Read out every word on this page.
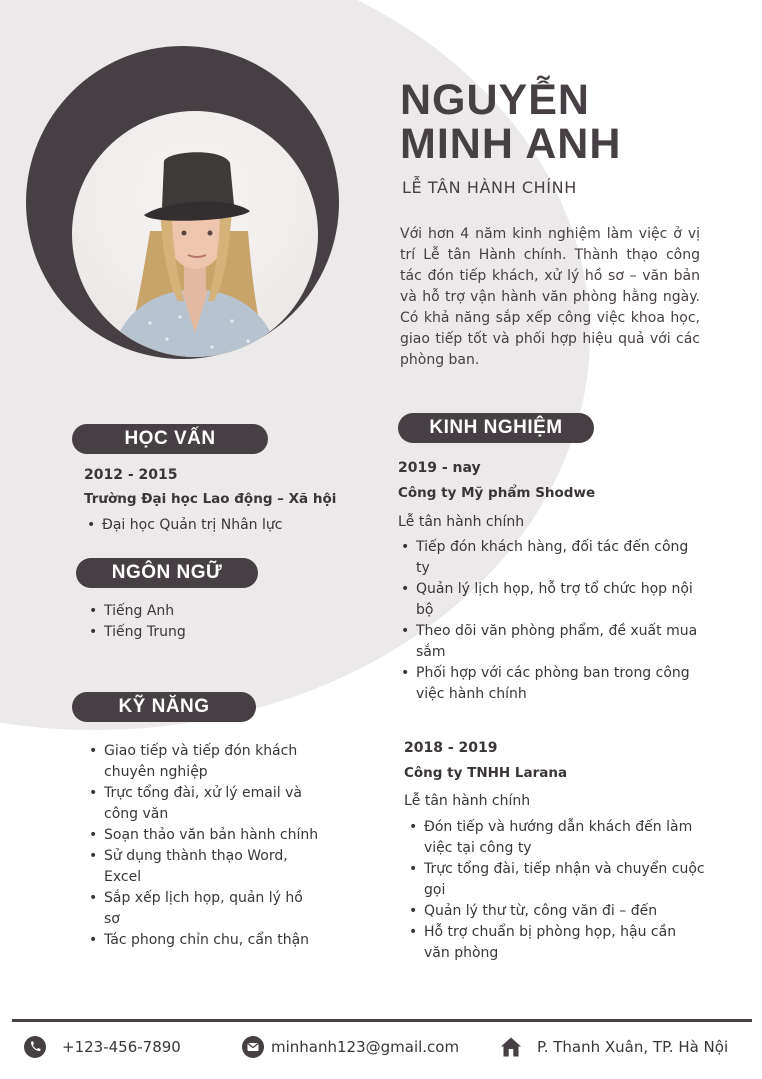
NGUYỄN
MINH ANH
LỄ TÂN HÀNH CHÍNH

Với hơn 4 năm kinh nghiệm làm việc ở vị trí Lễ tân Hành chính. Thành thạo công tác đón tiếp khách, xử lý hồ sơ – văn bản và hỗ trợ vận hành văn phòng hằng ngày. Có khả năng sắp xếp công việc khoa học, giao tiếp tốt và phối hợp hiệu quả với các phòng ban.

HỌC VẤN
2012 - 2015
Trường Đại học Lao động – Xã hội
• Đại học Quản trị Nhân lực
NGÔN NGỮ
• Tiếng Anh
• Tiếng Trung
KỸ NĂNG
• Giao tiếp và tiếp đón khách chuyên nghiệp
• Trực tổng đài, xử lý email và công văn
• Soạn thảo văn bản hành chính
• Sử dụng thành thạo Word, Excel
• Sắp xếp lịch họp, quản lý hồ sơ
• Tác phong chỉn chu, cẩn thận
KINH NGHIỆM
2019 - nay
Công ty Mỹ phẩm Shodwe
Lễ tân hành chính
• Tiếp đón khách hàng, đối tác đến công ty
• Quản lý lịch họp, hỗ trợ tổ chức họp nội bộ
• Theo dõi văn phòng phẩm, đề xuất mua sắm
• Phối hợp với các phòng ban trong công việc hành chính
2018 - 2019
Công ty TNHH Larana
Lễ tân hành chính
• Đón tiếp và hướng dẫn khách đến làm việc tại công ty
• Trực tổng đài, tiếp nhận và chuyển cuộc gọi
• Quản lý thư từ, công văn đi – đến
• Hỗ trợ chuẩn bị phòng họp, hậu cần văn phòng
+123-456-7890	minhanh123@gmail.com	P. Thanh Xuân, TP. Hà Nội
